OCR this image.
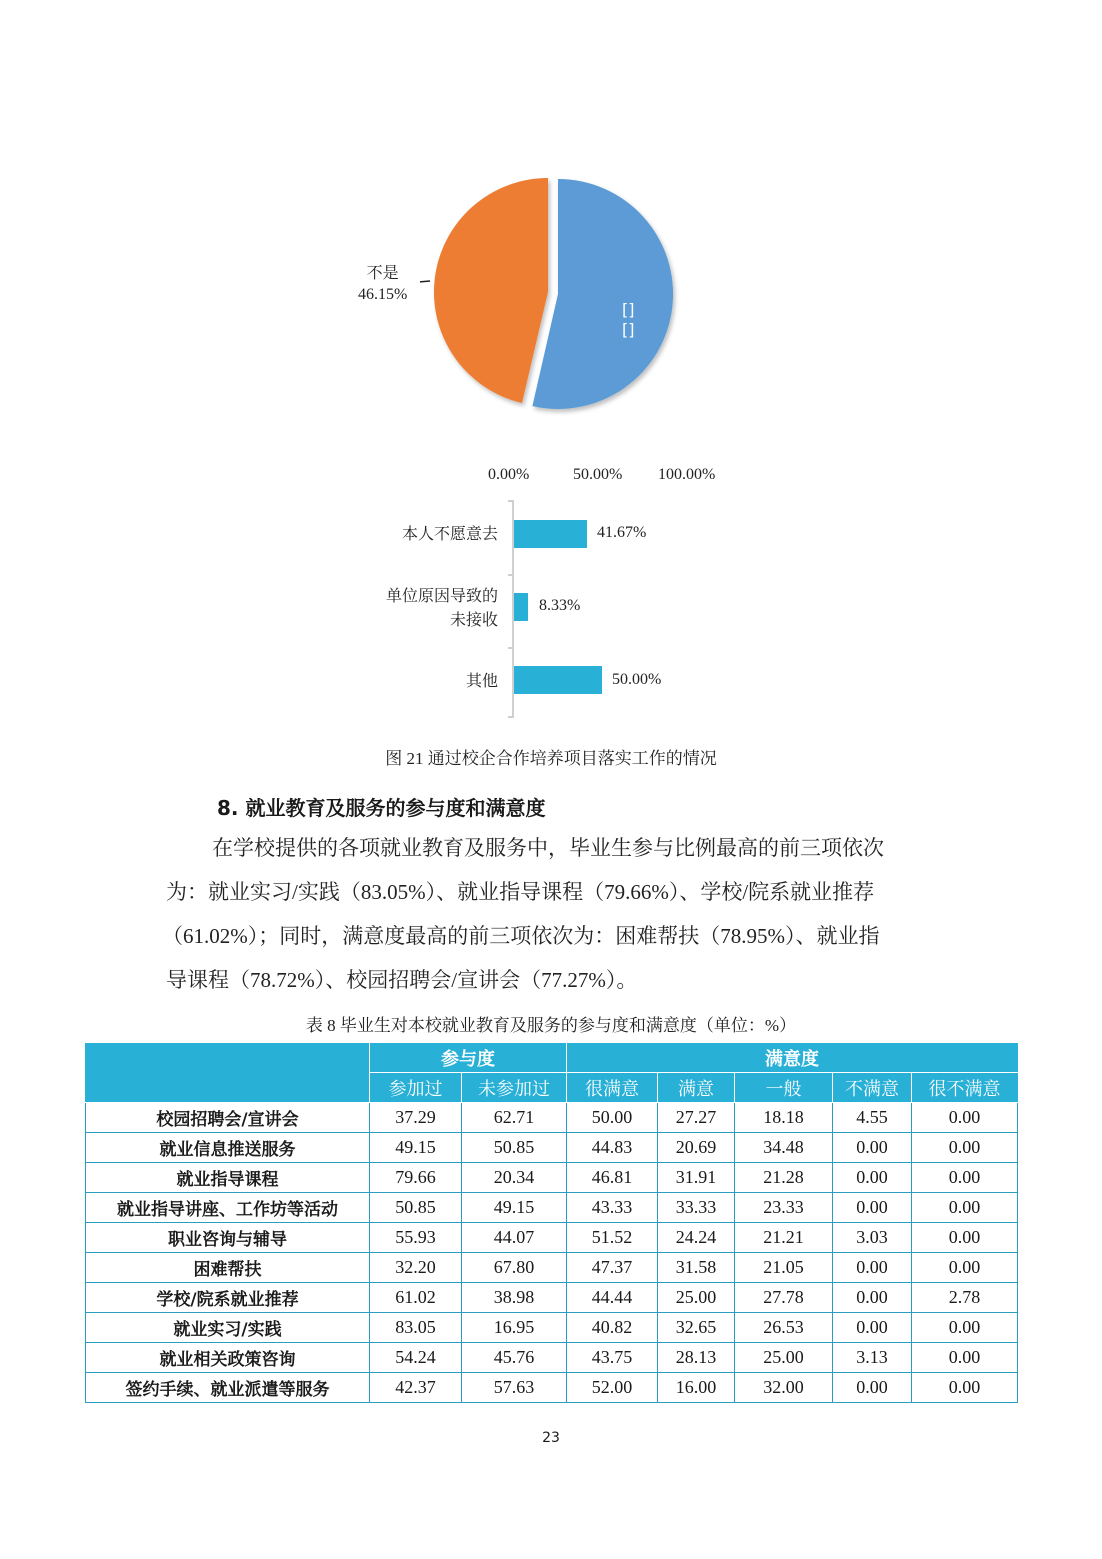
[]
[]
不是
46.15%
0.00%	50.00% 100.00%
本人不愿意去	41.67%
单位原因导致的
未接收
8.33%
其他	50.00%
图 21 通过校企合作培养项目落实工作的情况
8. 就业教育及服务的参与度和满意度
在学校提供的各项就业教育及服务中，毕业生参与比例最高的前三项依次
为：就业实习/实践（83.05%）、就业指导课程（79.66%）、学校/院系就业推荐
（61.02%）；同时，满意度最高的前三项依次为：困难帮扶（78.95%）、就业指
导课程（78.72%）、校园招聘会/宣讲会（77.27%）。
表 8 毕业生对本校就业教育及服务的参与度和满意度（单位：%）
	参与度		满意度				
	参加过	未参加过	很满意	满意	一般	不满意	很不满意
校园招聘会/宣讲会	37.29	62.71	50.00	27.27	18.18	4.55	0.00
就业信息推送服务	49.15	50.85	44.83	20.69	34.48	0.00	0.00
就业指导课程	79.66	20.34	46.81	31.91	21.28	0.00	0.00
就业指导讲座、工作坊等活动	50.85	49.15	43.33	33.33	23.33	0.00	0.00
职业咨询与辅导	55.93	44.07	51.52	24.24	21.21	3.03	0.00
困难帮扶	32.20	67.80	47.37	31.58	21.05	0.00	0.00
学校/院系就业推荐	61.02	38.98	44.44	25.00	27.78	0.00	2.78
就业实习/实践	83.05	16.95	40.82	32.65	26.53	0.00	0.00
就业相关政策咨询	54.24	45.76	43.75	28.13	25.00	3.13	0.00
签约手续、就业派遣等服务	42.37	57.63	52.00	16.00	32.00	0.00	0.00
23
